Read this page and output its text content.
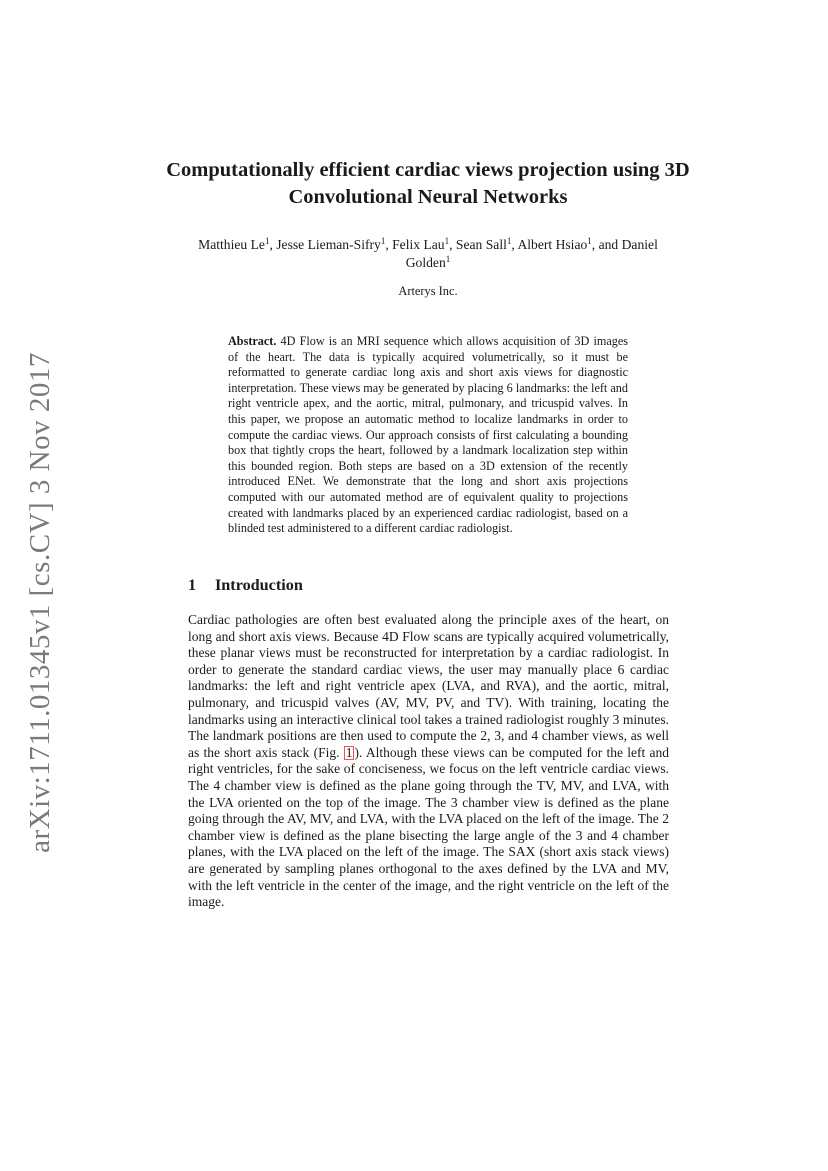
arXiv:1711.01345v1 [cs.CV] 3 Nov 2017
Computationally efficient cardiac views projection using 3D Convolutional Neural Networks
Matthieu Le$^1$, Jesse Lieman-Sifry$^1$, Felix Lau$^1$, Sean Sall$^1$, Albert Hsiao$^1$, and Daniel Golden$^1$
Arterys Inc.

Abstract. 4D Flow is an MRI sequence which allows acquisition of 3D images of the heart. The data is typically acquired volumetrically, so it must be reformatted to generate cardiac long axis and short axis views for diagnostic interpretation. These views may be generated by placing 6 landmarks: the left and right ventricle apex, and the aortic, mitral, pulmonary, and tricuspid valves. In this paper, we propose an automatic method to localize landmarks in order to compute the cardiac views. Our approach consists of first calculating a bounding box that tightly crops the heart, followed by a landmark localization step within this bounded region. Both steps are based on a 3D extension of the recently introduced ENet. We demonstrate that the long and short axis projections computed with our automated method are of equivalent quality to projections created with landmarks placed by an experienced cardiac radiologist, based on a blinded test administered to a different cardiac radiologist.

1 Introduction

Cardiac pathologies are often best evaluated along the principle axes of the heart, on long and short axis views. Because 4D Flow scans are typically acquired volumetrically, these planar views must be reconstructed for interpretation by a cardiac radiologist. In order to generate the standard cardiac views, the user may manually place 6 cardiac landmarks: the left and right ventricle apex (LVA, and RVA), and the aortic, mitral, pulmonary, and tricuspid valves (AV, MV, PV, and TV). With training, locating the landmarks using an interactive clinical tool takes a trained radiologist roughly 3 minutes. The landmark positions are then used to compute the 2, 3, and 4 chamber views, as well as the short axis stack (Fig. 1 ). Although these views can be computed for the left and right ventricles, for the sake of conciseness, we focus on the left ventricle cardiac views. The 4 chamber view is defined as the plane going through the TV, MV, and LVA, with the LVA oriented on the top of the image. The 3 chamber view is defined as the plane going through the AV, MV, and LVA, with the LVA placed on the left of the image. The 2 chamber view is defined as the plane bisecting the large angle of the 3 and 4 chamber planes, with the LVA placed on the left of the image. The SAX (short axis stack views) are generated by sampling planes orthogonal to the axes defined by the LVA and MV, with the left ventricle in the center of the image, and the right ventricle on the left of the image.
